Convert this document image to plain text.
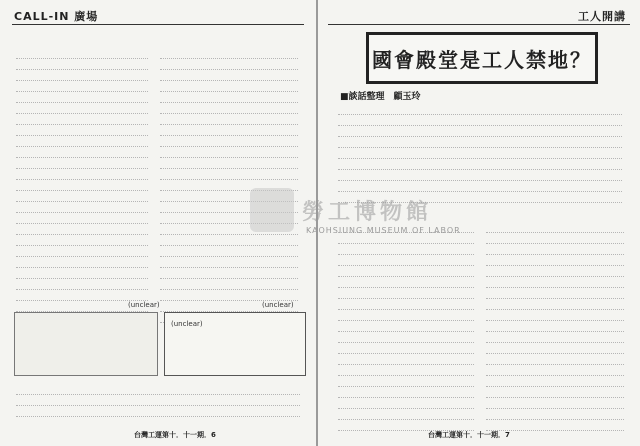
CALL-IN 廣場
(unclear)	(unclear)
(unclear)
台灣工運第十．十一期．6
工人開講
國會殿堂是工人禁地？
■談話整理　顧玉玲
台灣工運第十．十一期．7
勞工博物館
KAOHSIUNG MUSEUM OF LABOR
